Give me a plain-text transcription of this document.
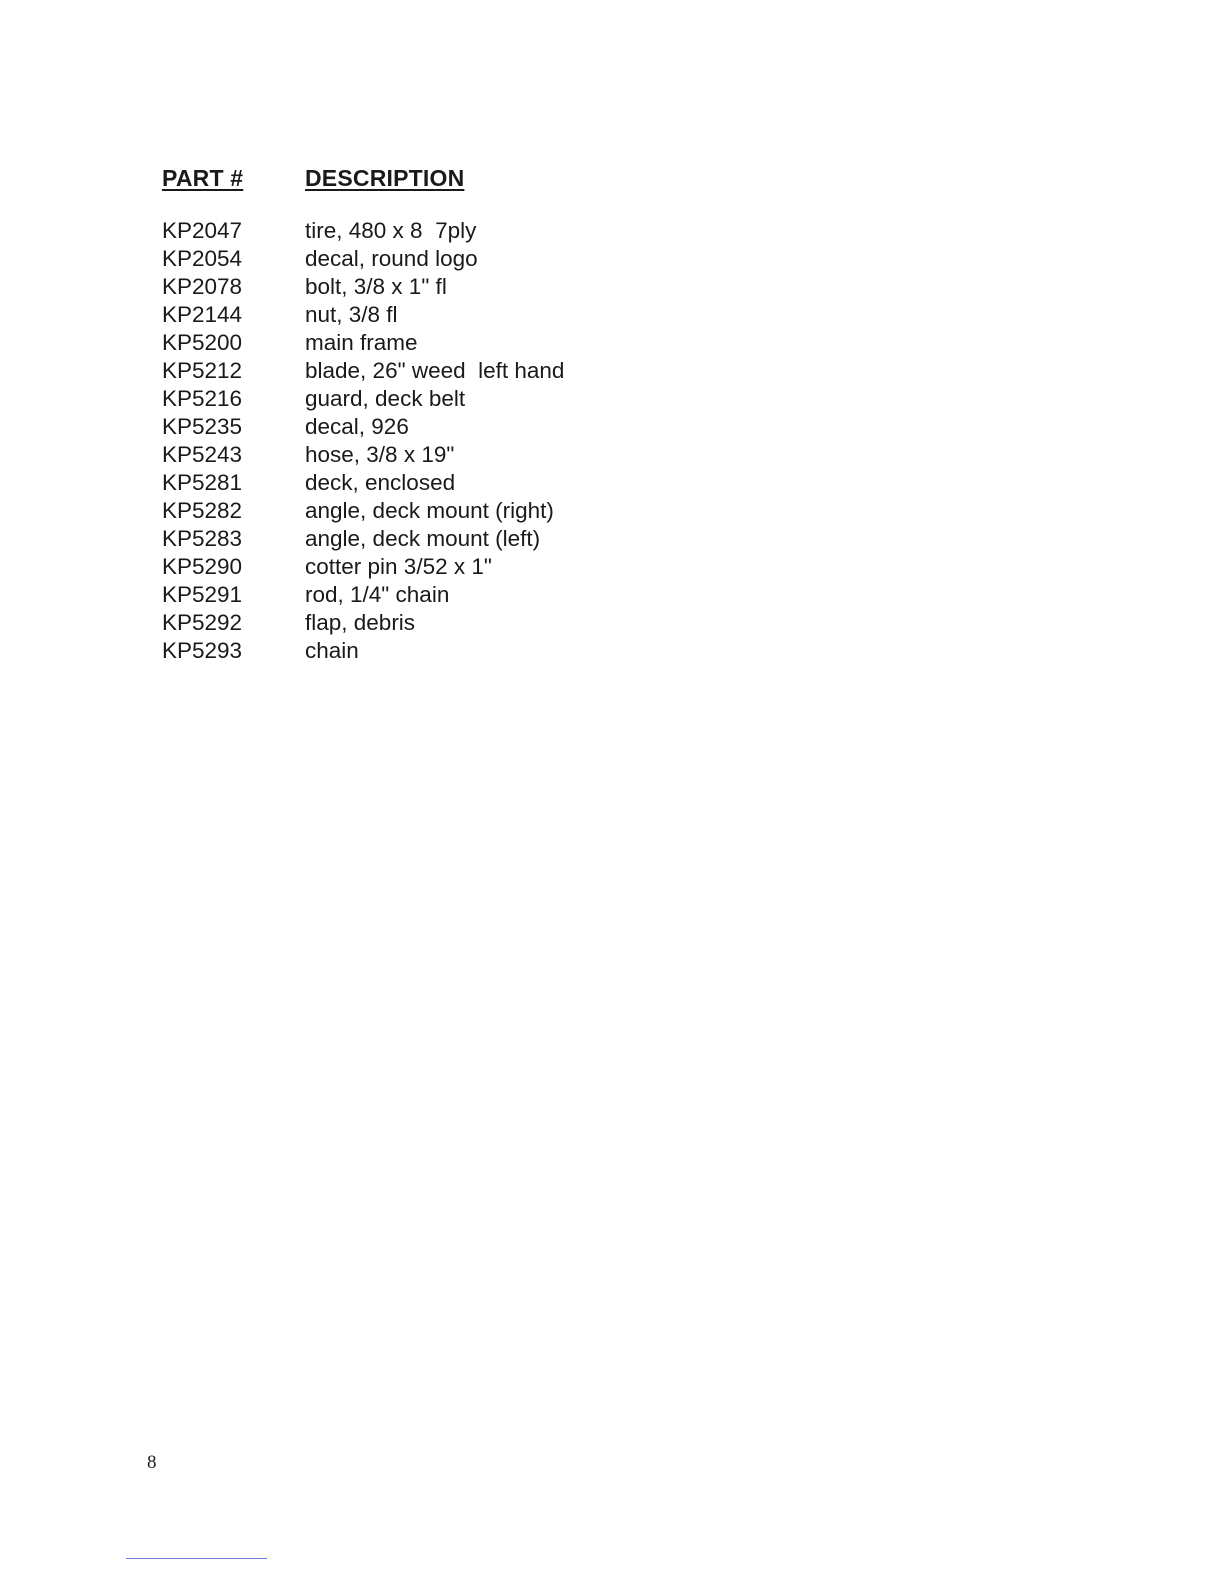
PART #	DESCRIPTION
KP2047	tire, 480 x 8  7ply
KP2054	decal, round logo
KP2078	bolt, 3/8 x 1" fl
KP2144	nut, 3/8 fl
KP5200	main frame
KP5212	blade, 26" weed  left hand
KP5216	guard, deck belt
KP5235	decal, 926
KP5243	hose, 3/8 x 19"
KP5281	deck, enclosed
KP5282	angle, deck mount (right)
KP5283	angle, deck mount (left)
KP5290	cotter pin 3/52 x 1"
KP5291	rod, 1/4" chain
KP5292	flap, debris
KP5293	chain
8
